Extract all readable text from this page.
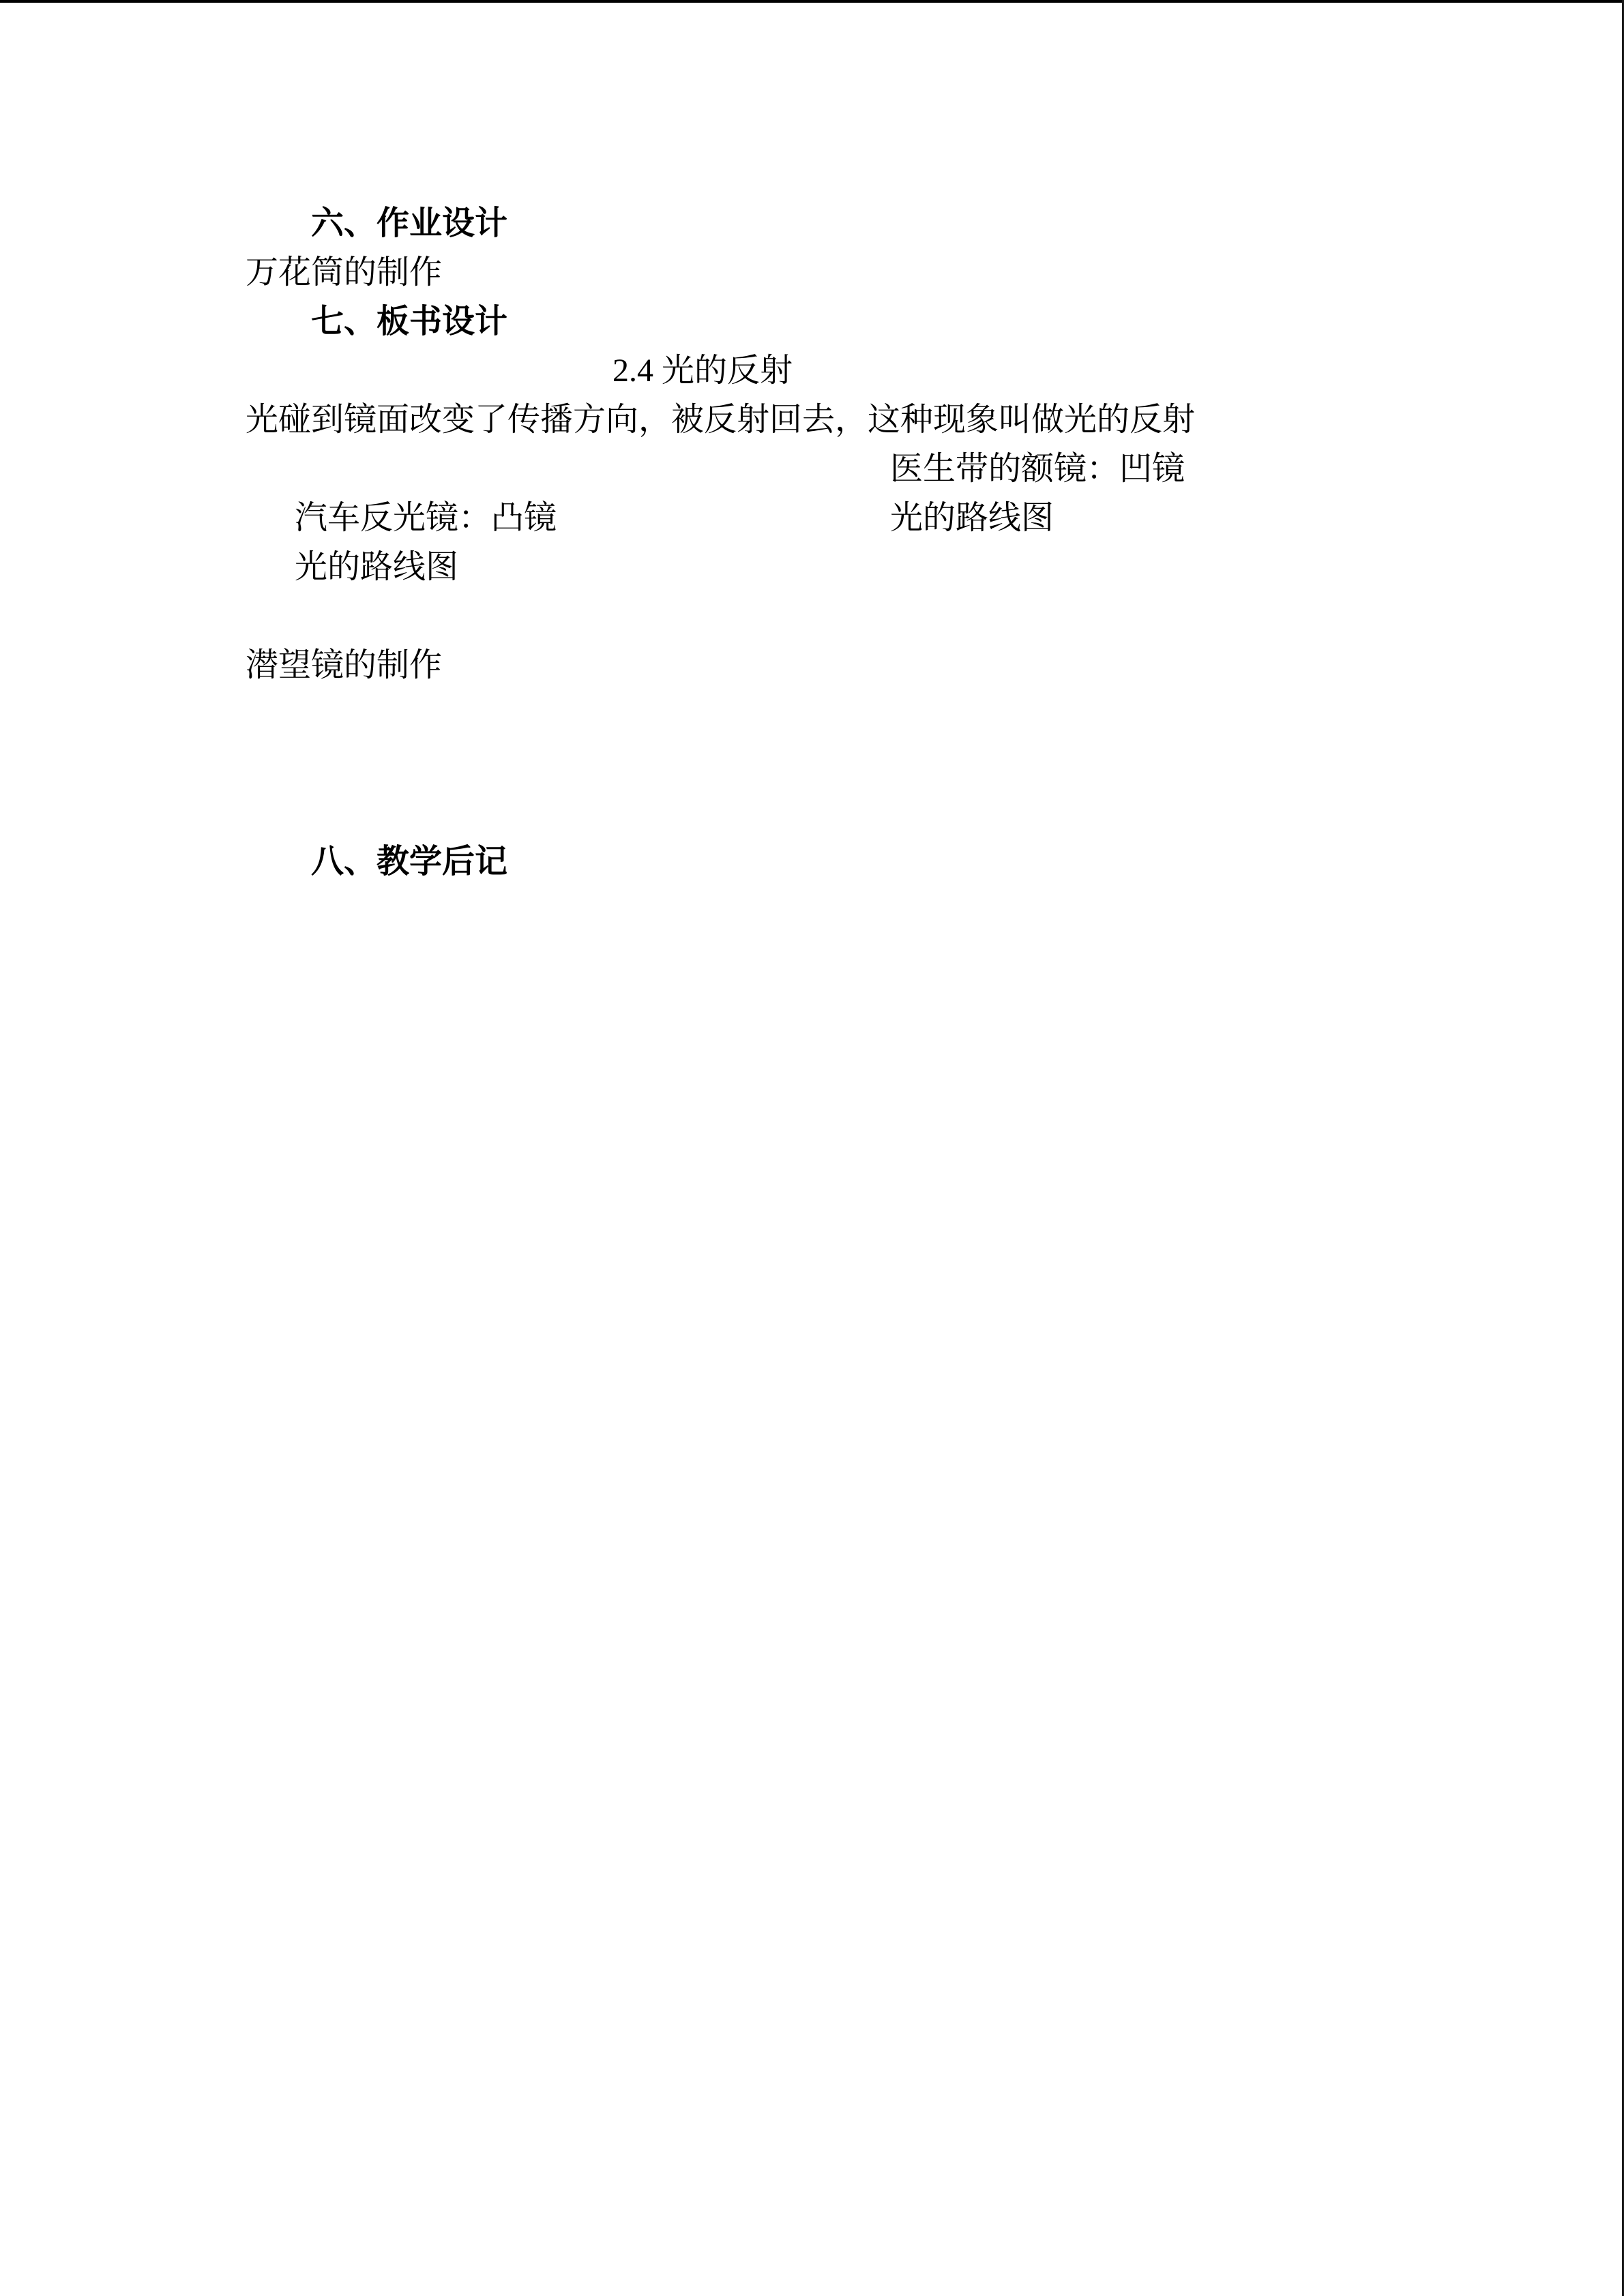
六、作业设计
万花筒的制作
七、板书设计
2.4 光的反射
光碰到镜面改变了传播方向，被反射回去，这种现象叫做光的反射

汽车反光镜：凸镜

医生带的额镜：凹镜

光的路线图

光的路线图

潜望镜的制作
八、教学后记
